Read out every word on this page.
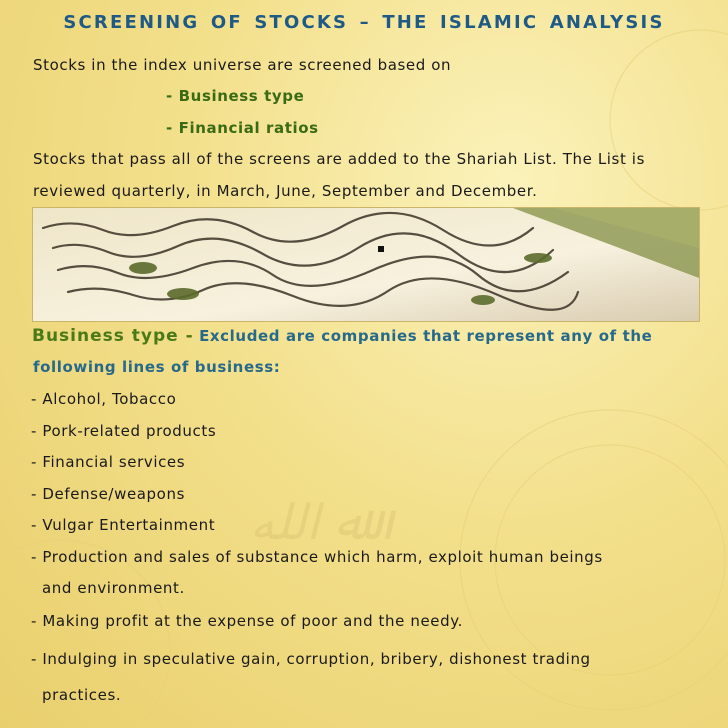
ﷲ الله
SCREENING OF STOCKS – THE ISLAMIC ANALYSIS
Stocks in the index universe are screened based on
- Business type
- Financial ratios
Stocks that pass all of the screens are added to the Shariah List. The List is
reviewed quarterly, in March, June, September and December.
Business type - Excluded are companies that represent any of the
following lines of business:
- Alcohol, Tobacco
- Pork-related products
- Financial services
- Defense/weapons
- Vulgar Entertainment
- Production and sales of substance which harm, exploit human beings
and environment.
- Making profit at the expense of poor and the needy.
- Indulging in speculative gain, corruption, bribery, dishonest trading
practices.
